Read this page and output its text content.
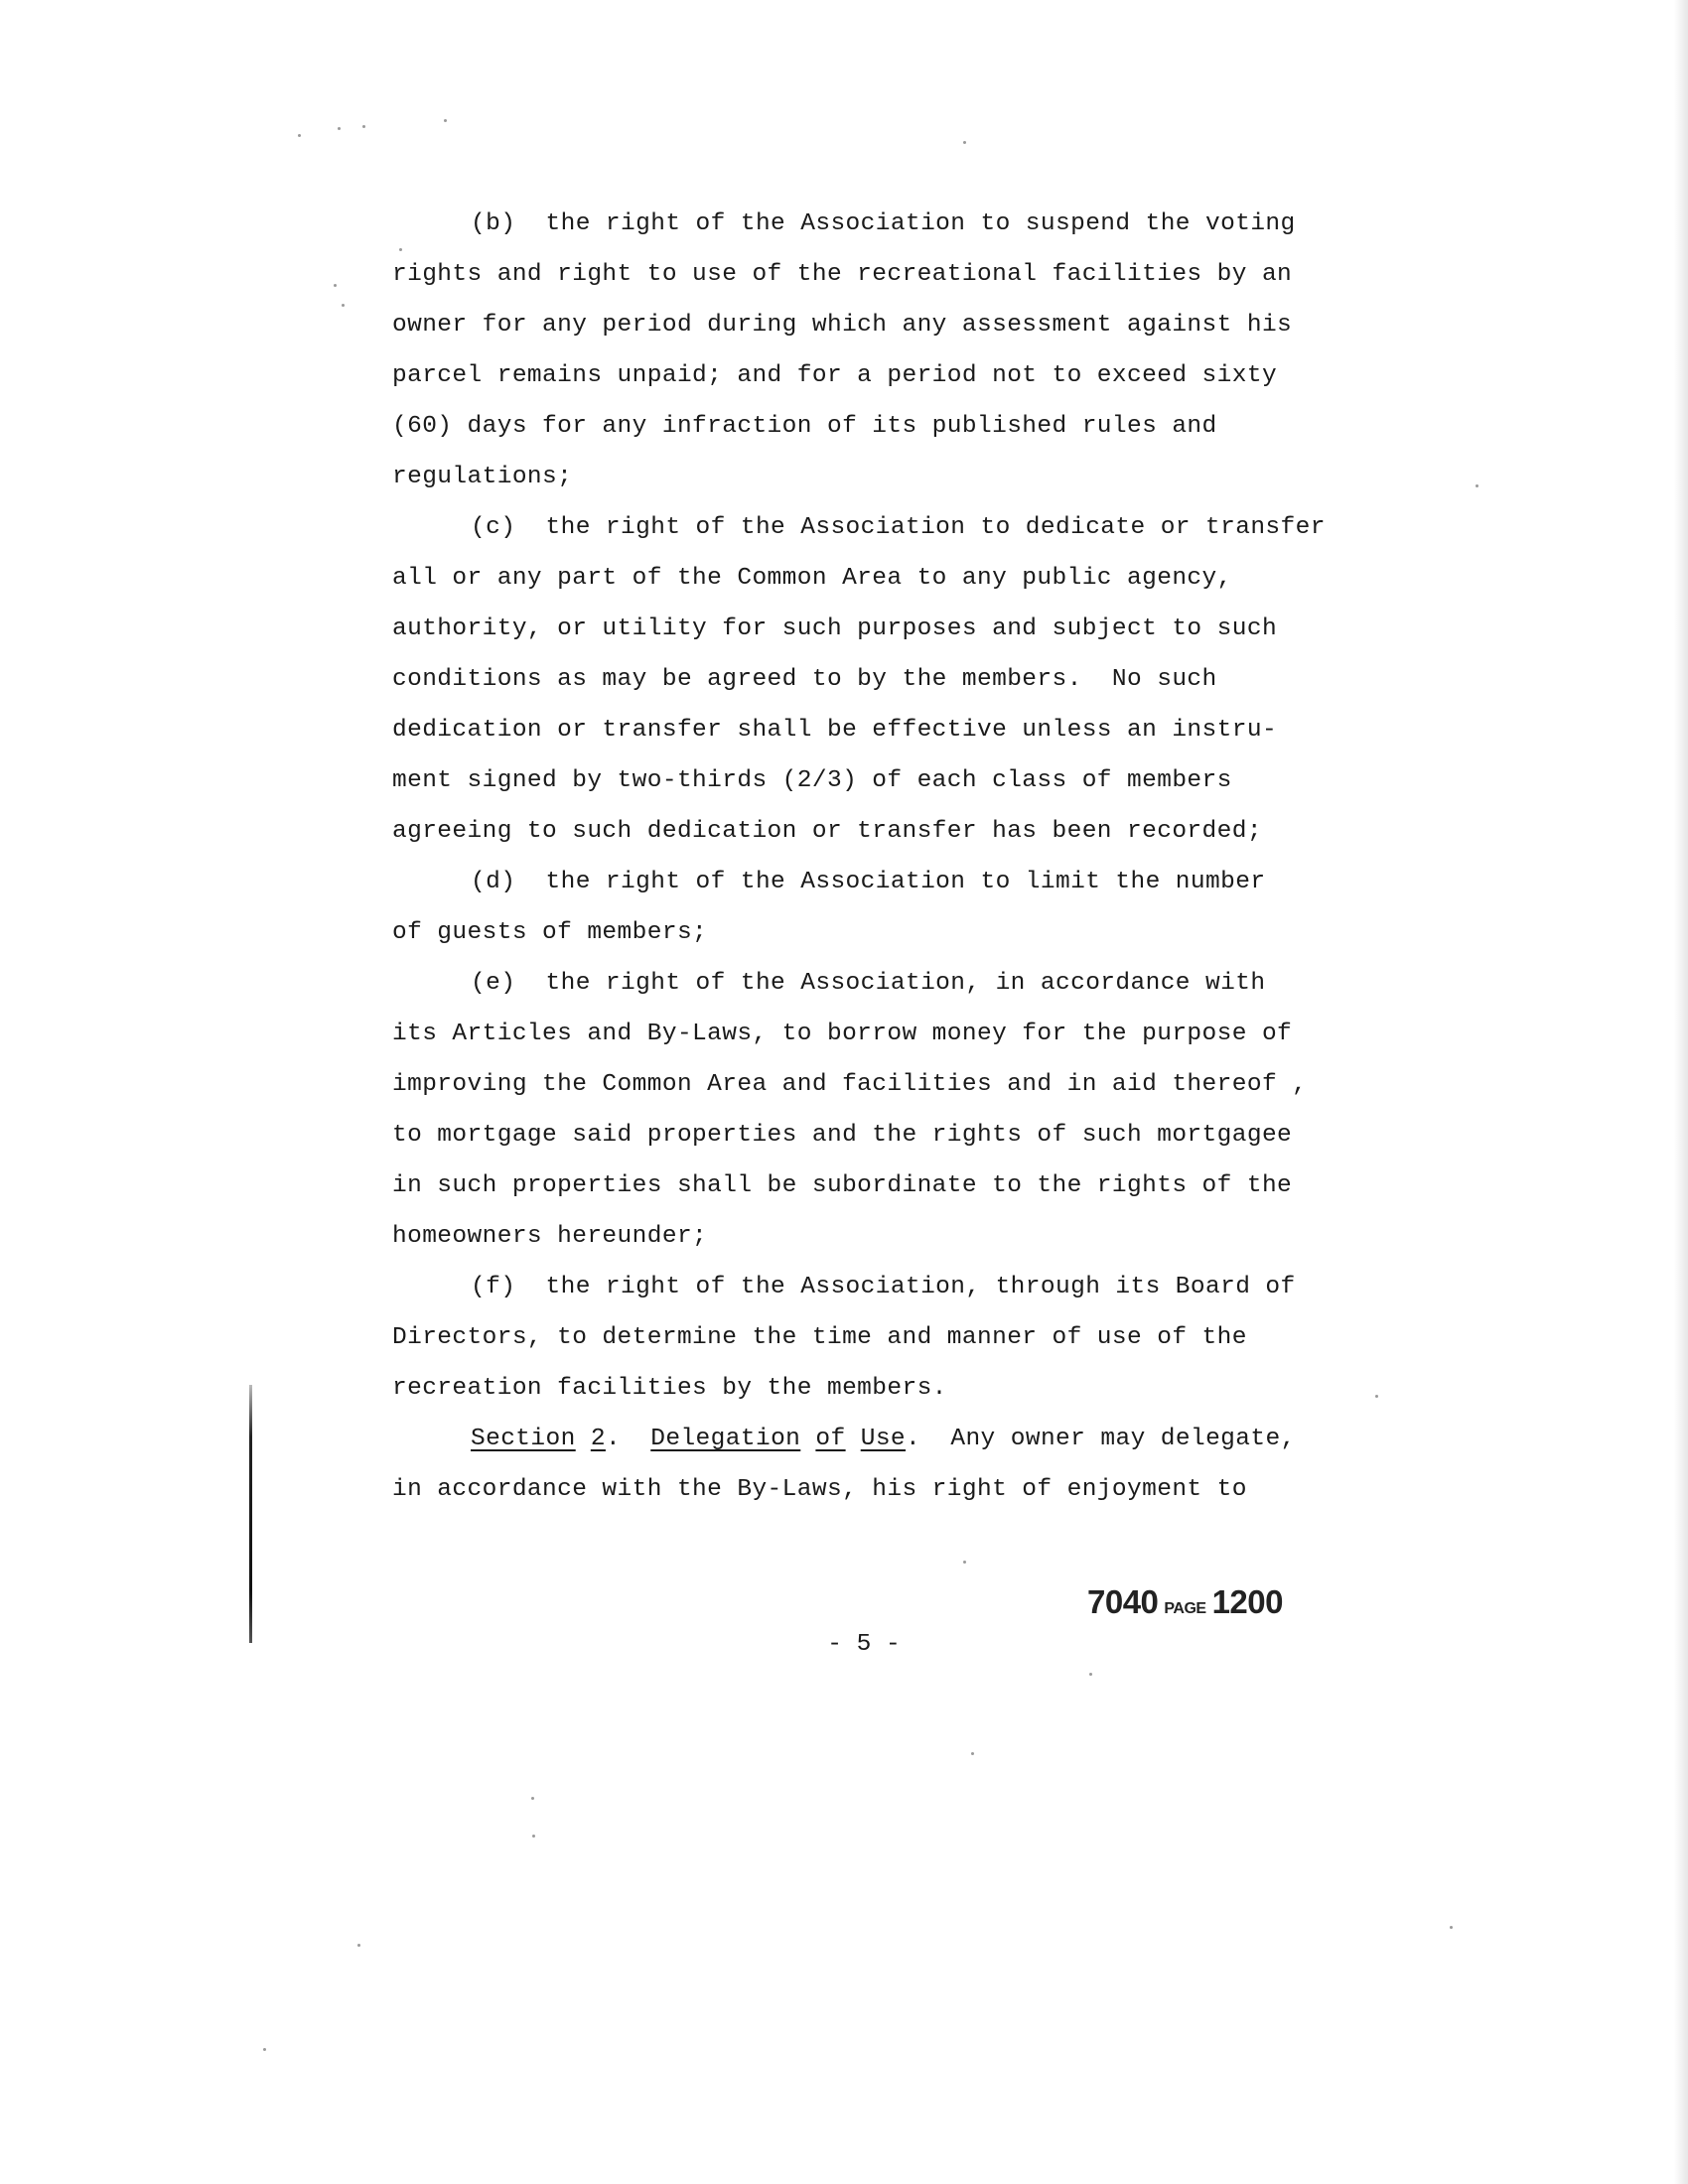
(b)  the right of the Association to suspend the voting
rights and right to use of the recreational facilities by an
owner for any period during which any assessment against his
parcel remains unpaid; and for a period not to exceed sixty
(60) days for any infraction of its published rules and
regulations;
(c)  the right of the Association to dedicate or transfer
all or any part of the Common Area to any public agency,
authority, or utility for such purposes and subject to such
conditions as may be agreed to by the members.  No such
dedication or transfer shall be effective unless an instru-
ment signed by two-thirds (2/3) of each class of members
agreeing to such dedication or transfer has been recorded;
(d)  the right of the Association to limit the number
of guests of members;
(e)  the right of the Association, in accordance with
its Articles and By-Laws, to borrow money for the purpose of
improving the Common Area and facilities and in aid thereof ,
to mortgage said properties and the rights of such mortgagee
in such properties shall be subordinate to the rights of the
homeowners hereunder;
(f)  the right of the Association, through its Board of
Directors, to determine the time and manner of use of the
recreation facilities by the members.
Section 2.  Delegation of Use.  Any owner may delegate,
in accordance with the By-Laws, his right of enjoyment to
7040 PAGE 1200
- 5 -
